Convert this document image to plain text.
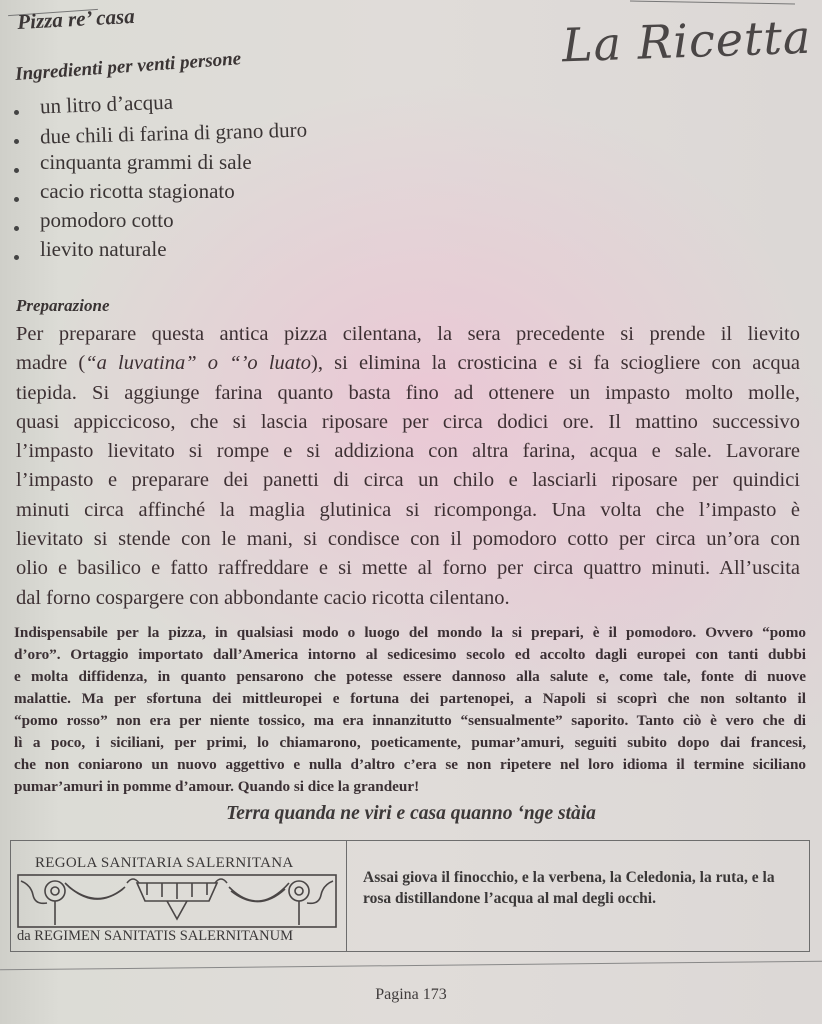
Pizza re’ casa	La Ricetta
Ingredienti per venti persone
un litro d’acqua
due chili di farina di grano duro
cinquanta grammi di sale
cacio ricotta stagionato
pomodoro cotto
lievito naturale
Preparazione
Per preparare questa antica pizza cilentana, la sera precedente si prende il lievito
madre (“a luvatina” o “’o luato), si elimina la crosticina e si fa sciogliere con acqua
tiepida. Si aggiunge farina quanto basta fino ad ottenere un impasto molto molle,
quasi appiccicoso, che si lascia riposare per circa dodici ore. Il mattino successivo
l’impasto lievitato si rompe e si addiziona con altra farina, acqua e sale. Lavorare
l’impasto e preparare dei panetti di circa un chilo e lasciarli riposare per quindici
minuti circa affinché la maglia glutinica si ricomponga. Una volta che l’impasto è
lievitato si stende con le mani, si condisce con il pomodoro cotto per circa un’ora con
olio e basilico e fatto raffreddare e si mette al forno per circa quattro minuti. All’uscita
dal forno cospargere con abbondante cacio ricotta cilentano.
Indispensabile per la pizza, in qualsiasi modo o luogo del mondo la si prepari, è il pomodoro. Ovvero “pomo
d’oro”. Ortaggio importato dall’America intorno al sedicesimo secolo ed accolto dagli europei con tanti dubbi
e molta diffidenza, in quanto pensarono che potesse essere dannoso alla salute e, come tale, fonte di nuove
malattie. Ma per sfortuna dei mittleuropei e fortuna dei partenopei, a Napoli si scoprì che non soltanto il
“pomo rosso” non era per niente tossico, ma era innanzitutto “sensualmente” saporito. Tanto ciò è vero che di
lì a poco, i siciliani, per primi, lo chiamarono, poeticamente, pumar’amuri, seguiti subito dopo dai francesi,
che non coniarono un nuovo aggettivo e nulla d’altro c’era se non ripetere nel loro idioma il termine siciliano
pumar’amuri in pomme d’amour. Quando si dice la grandeur!
Terra quanda ne viri e casa quanno ‘nge stàia
REGOLA SANITARIA SALERNITANA
da REGIMEN SANITATIS SALERNITANUM
Assai giova il finocchio, e la verbena, la Celedonia, la ruta, e la rosa distillandone l’acqua al mal degli occhi.
Pagina 173
